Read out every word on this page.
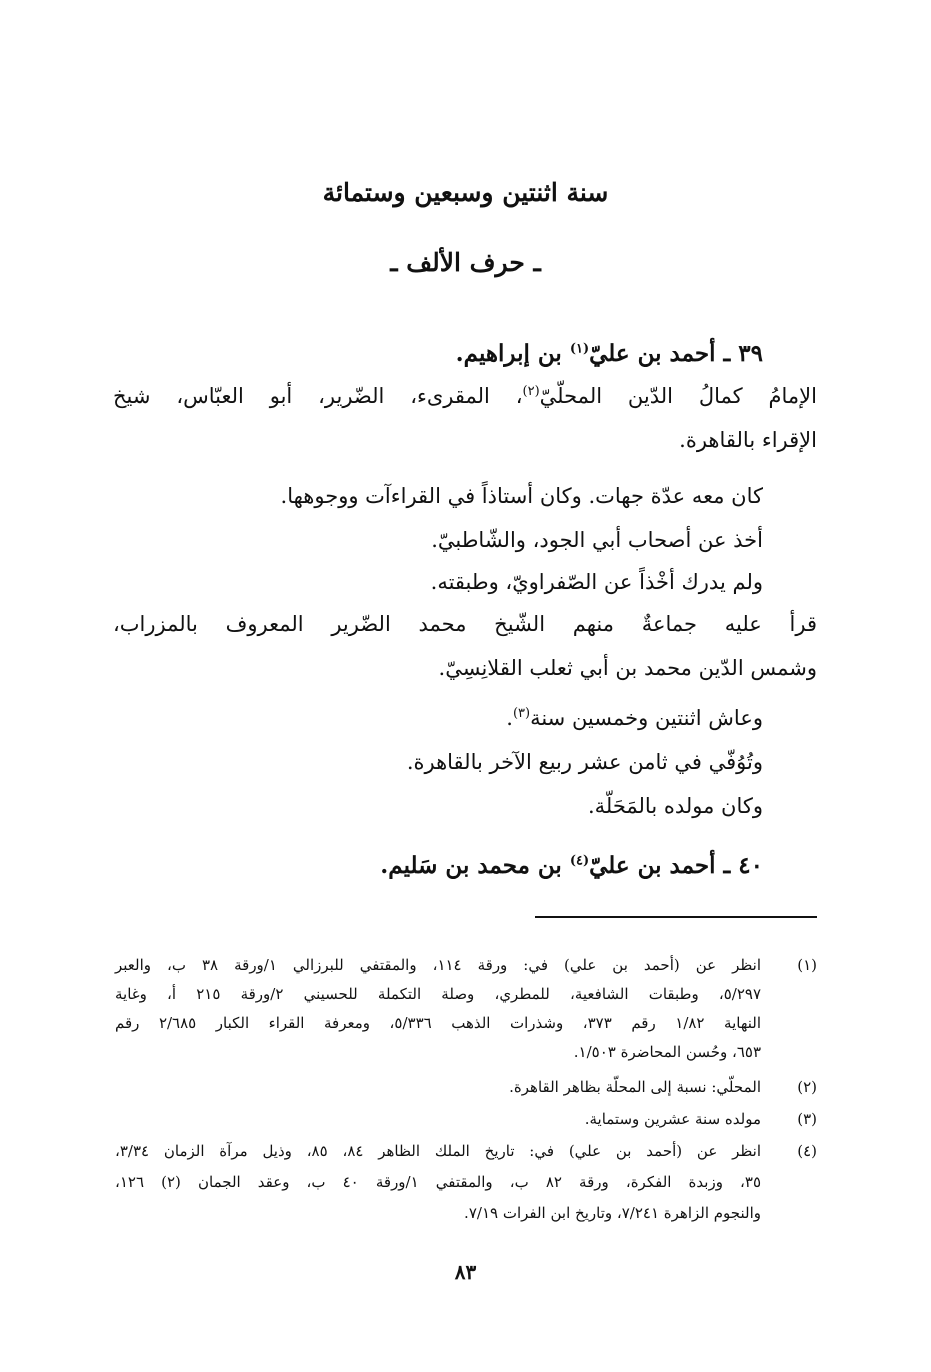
سنة اثنتين وسبعين وستمائة
ـ حرف الألف ـ
٣٩ ـ أحمد بن عليّ$^{(١)}$ بن إبراهيم.
الإمامُ كمالُ الدّين المحلّيّ$^{(٢)}$، المقرىء، الضّرير، أبو العبّاس، شيخ
الإقراء بالقاهرة.
كان معه عدّة جهات. وكان أستاذاً في القراءآت ووجوهها.
أخذ عن أصحاب أبي الجود، والشّاطبيّ.
ولم يدرك أخْذاً عن الصّفراويّ، وطبقته.
قرأ عليه جماعةٌ منهم الشّيخ محمد الضّرير المعروف بالمزراب،
وشمس الدّين محمد بن أبي ثعلب القلانِسِيّ.
وعاش اثنتين وخمسين سنة$^{(٣)}$.
وتُوُفّي في ثامن عشر ربيع الآخر بالقاهرة.
وكان مولده بالمَحَلّة.
٤٠ ـ أحمد بن عليّ$^{(٤)}$ بن محمد بن سَليم.
(١)
انظر عن (أحمد بن علي) في: ورقة ١١٤، والمقتفي للبرزالي ١/ورقة ٣٨ ب، والعبر
٥/٢٩٧، وطبقات الشافعية، للمطري، وصلة التكملة للحسيني ٢/ورقة ٢١٥ أ، وغاية
النهاية ١/٨٢ رقم ٣٧٣، وشذرات الذهب ٥/٣٣٦، ومعرفة القراء الكبار ٢/٦٨٥ رقم
٦٥٣، وحُسن المحاضرة ١/٥٠٣.
(٢)
المحلّي: نسبة إلى المحلّة بظاهر القاهرة.
(٣)
مولده سنة عشرين وستماية.
(٤)
انظر عن (أحمد بن علي) في: تاريخ الملك الظاهر ٨٤، ٨٥، وذيل مرآة الزمان ٣/٣٤،
٣٥، وزبدة الفكرة، ورقة ٨٢ ب، والمقتفي ١/ورقة ٤٠ ب، وعقد الجمان (٢) ١٢٦،
والنجوم الزاهرة ٧/٢٤١، وتاريخ ابن الفرات ٧/١٩.
٨٣
